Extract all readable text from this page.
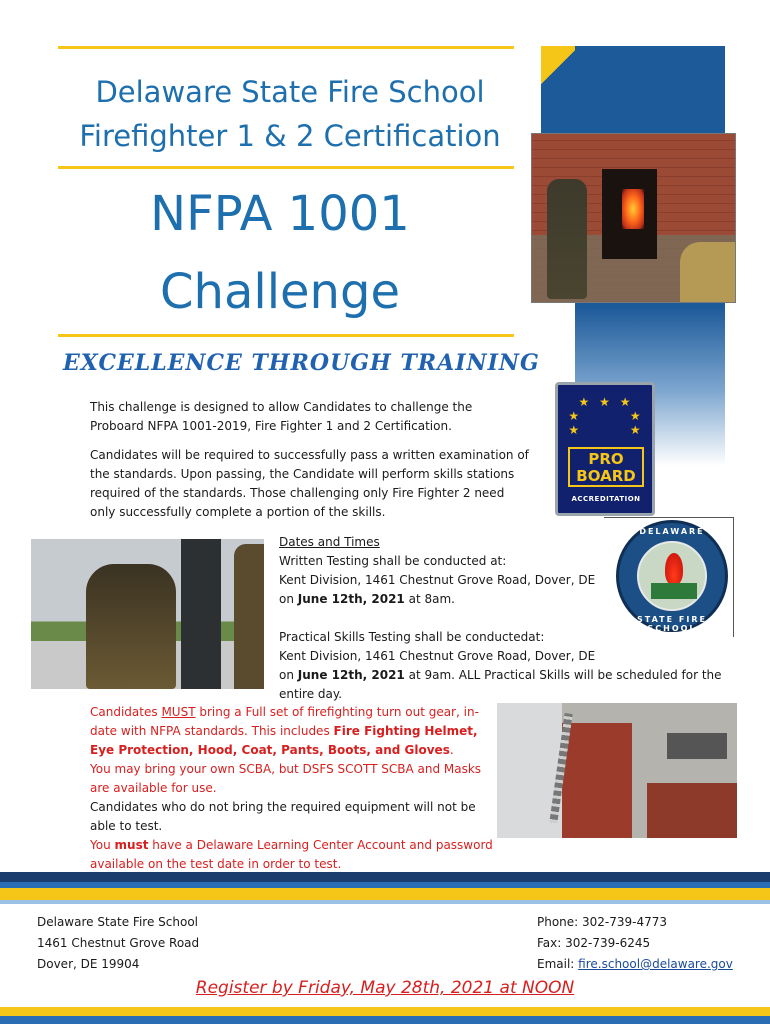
Delaware State Fire School
Firefighter 1 & 2 Certification
NFPA 1001
Challenge
EXCELLENCE THROUGH TRAINING
★ ★ ★
★       ★
★       ★
PRO
BOARD
ACCREDITATION
This challenge is designed to allow Candidates to challenge the Proboard NFPA 1001-2019, Fire Fighter 1 and 2 Certification.
Candidates will be required to successfully pass a written examination of the standards. Upon passing, the Candidate will perform skills stations required of the standards. Those challenging only Fire Fighter 2 need only successfully complete a portion of the skills.
DELAWARE
STATE FIRE SCHOOL
Dates and Times
Written Testing shall be conducted at:
Kent Division, 1461 Chestnut Grove Road, Dover, DE
on June 12th, 2021 at 8am.
Practical Skills Testing shall be conductedat:
Kent Division, 1461 Chestnut Grove Road, Dover, DE
on June 12th, 2021 at 9am. ALL Practical Skills will be scheduled for the entire day.
Candidates MUST bring a Full set of firefighting turn out gear, in-date with NFPA standards. This includes Fire Fighting Helmet, Eye Protection, Hood, Coat, Pants, Boots, and Gloves.
You may bring your own SCBA, but DSFS SCOTT SCBA and Masks are available for use.
Candidates who do not bring the required equipment will not be able to test.
You must have a Delaware Learning Center Account and password available on the test date in order to test.
Delaware State Fire School
1461 Chestnut Grove Road
Dover, DE 19904
Phone: 302-739-4773
Fax: 302-739-6245
Email: fire.school@delaware.gov
Register by Friday, May 28th, 2021 at NOON
